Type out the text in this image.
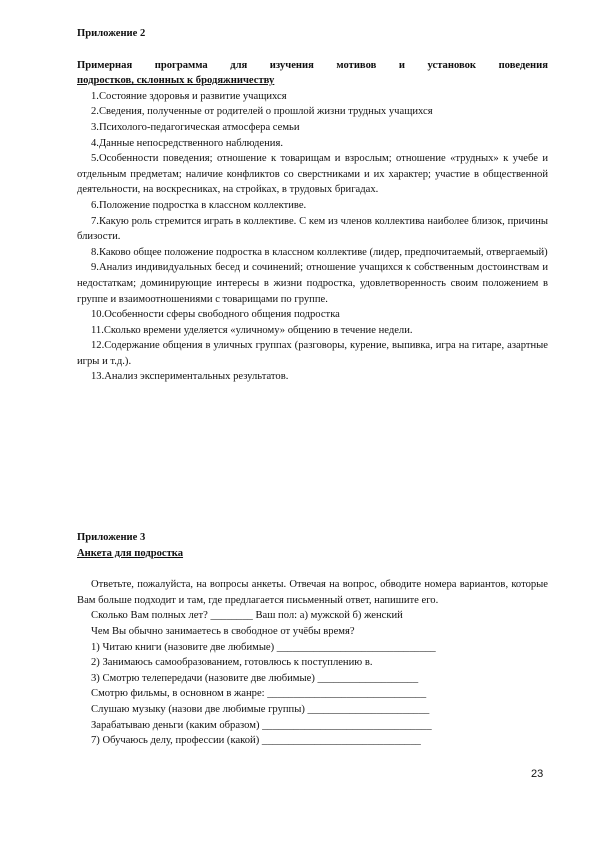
Приложение 2

Примерная программа для изучения мотивов и установок поведения

подростков, склонных к бродяжничеству

1.Состояние здоровья и развитие учащихся

2.Сведения, полученные от родителей о прошлой жизни трудных учащихся

3.Психолого-педагогическая атмосфера семьи

4.Данные непосредственного наблюдения.

5.Особенности поведения; отношение к товарищам и взрослым; отношение «трудных» к учебе и отдельным предметам; наличие конфликтов со сверстниками и их характер; участие в общественной деятельности, на воскресниках, на стройках, в трудовых бригадах.

6.Положение подростка в классном коллективе.

7.Какую роль стремится играть в коллективе. С кем из членов коллектива наиболее близок, причины близости.

8.Каково общее положение подростка в классном коллективе (лидер, предпочитаемый, отвергаемый)

9.Анализ индивидуальных бесед и сочинений; отношение учащихся к собственным достоинствам и недостаткам; доминирующие интересы в жизни подростка, удовлетворенность своим положением в группе и взаимоотношениями с товарищами по группе.

10.Особенности сферы свободного общения подростка

11.Сколько времени уделяется «уличному» общению в течение недели.

12.Содержание общения в уличных группах (разговоры, курение, выпивка, игра на гитаре, азартные игры и т.д.).

13.Анализ экспериментальных результатов.

Приложение 3

Анкета для подростка

Ответьте, пожалуйста, на вопросы анкеты. Отвечая на вопрос, обводите номера вариантов, которые Вам больше подходит и там, где предлагается письменный ответ, напишите его.

Сколько Вам полных лет? ________ Ваш пол: а) мужской б) женский

Чем Вы обычно занимаетесь в свободное от учёбы время?

1) Читаю книги (назовите две любимые) ______________________________

2) Занимаюсь самообразованием, готовлюсь к поступлению в.

3) Смотрю телепередачи (назовите две любимые) ___________________

Смотрю фильмы, в основном в жанре: ______________________________

Слушаю музыку (назови две любимые группы) _______________________

Зарабатываю деньги (каким образом) ________________________________

7) Обучаюсь делу, профессии (какой) ______________________________

23
